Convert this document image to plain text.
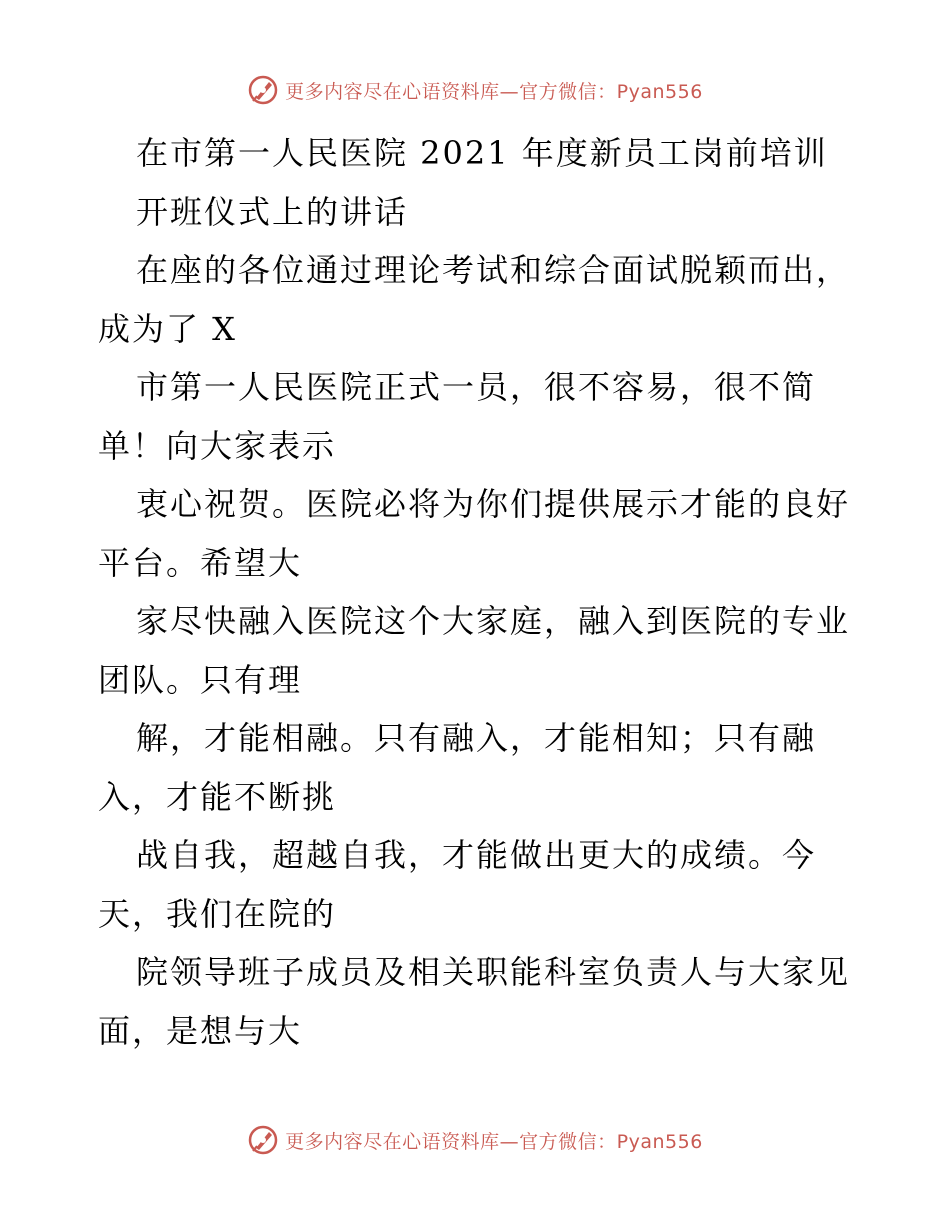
更多内容尽在心语资料库—官方微信：Pyan556
在市第一人民医院 2021 年度新员工岗前培训
开班仪式上的讲话
在座的各位通过理论考试和综合面试脱颖而出，
成为了 X
市第一人民医院正式一员，很不容易，很不简
单！向大家表示
衷心祝贺。医院必将为你们提供展示才能的良好
平台。希望大
家尽快融入医院这个大家庭，融入到医院的专业
团队。只有理
解，才能相融。只有融入，才能相知；只有融
入，才能不断挑
战自我，超越自我，才能做出更大的成绩。今
天，我们在院的
院领导班子成员及相关职能科室负责人与大家见
面，是想与大
更多内容尽在心语资料库—官方微信：Pyan556
